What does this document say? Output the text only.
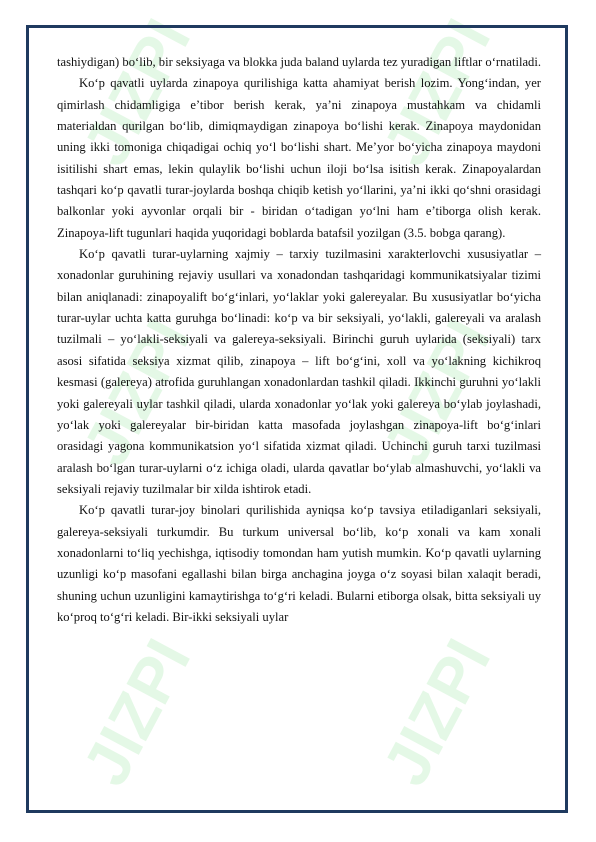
JIZPI	JIZPI
JIZPI	JIZPI
JIZPI	JIZPI

tashiydigan) bo‘lib, bir seksiyaga va blokka juda baland uylarda tez yuradigan liftlar o‘rnatiladi.

Ko‘p qavatli uylarda zinapoya qurilishiga katta ahamiyat berish lozim. Yong‘indan, yer qimirlash chidamligiga e’tibor berish kerak, ya’ni zinapoya mustahkam va chidamli materialdan qurilgan bo‘lib, dimiqmaydigan zinapoya bo‘lishi kerak. Zinapoya maydonidan uning ikki tomoniga chiqadigai ochiq yo‘l bo‘lishi shart. Me’yor bo‘yicha zinapoya maydoni isitilishi shart emas, lekin qulaylik bo‘lishi uchun iloji bo‘lsa isitish kerak. Zinapoyalardan tashqari ko‘p qavatli turar-joylarda boshqa chiqib ketish yo‘llarini, ya’ni ikki qo‘shni orasidagi balkonlar yoki ayvonlar orqali bir - biridan o‘tadigan yo‘lni ham e’tiborga olish kerak. Zinapoya-lift tugunlari haqida yuqoridagi boblarda batafsil yozilgan (3.5. bobga qarang).

Ko‘p qavatli turar-uylarning xajmiy – tarxiy tuzilmasini xarakterlovchi xususiyatlar – xonadonlar guruhining rejaviy usullari va xonadondan tashqaridagi kommunikatsiyalar tizimi bilan aniqlanadi: zinapoyalift bo‘g‘inlari, yo‘laklar yoki galereyalar. Bu xususiyatlar bo‘yicha turar-uylar uchta katta guruhga bo‘linadi: ko‘p va bir seksiyali, yo‘lakli, galereyali va aralash tuzilmali – yo‘lakli-seksiyali va galereya-seksiyali. Birinchi guruh uylarida (seksiyali) tarx asosi sifatida seksiya xizmat qilib, zinapoya – lift bo‘g‘ini, xoll va yo‘lakning kichikroq kesmasi (galereya) atrofida guruhlangan xonadonlardan tashkil qiladi. Ikkinchi guruhni yo‘lakli yoki galereyali uylar tashkil qiladi, ularda xonadonlar yo‘lak yoki galereya bo‘ylab joylashadi, yo‘lak yoki galereyalar bir-biridan katta masofada joylashgan zinapoya-lift bo‘g‘inlari orasidagi yagona kommunikatsion yo‘l sifatida xizmat qiladi. Uchinchi guruh tarxi tuzilmasi aralash bo‘lgan turar-uylarni o‘z ichiga oladi, ularda qavatlar bo‘ylab almashuvchi, yo‘lakli va seksiyali rejaviy tuzilmalar bir xilda ishtirok etadi.

Ko‘p qavatli turar-joy binolari qurilishida ayniqsa ko‘p tavsiya etiladiganlari seksiyali, galereya-seksiyali turkumdir. Bu turkum universal bo‘lib, ko‘p xonali va kam xonali xonadonlarni to‘liq yechishga, iqtisodiy tomondan ham yutish mumkin. Ko‘p qavatli uylarning uzunligi ko‘p masofani egallashi bilan birga anchagina joyga o‘z soyasi bilan xalaqit beradi, shuning uchun uzunligini kamaytirishga to‘g‘ri keladi. Bularni etiborga olsak, bitta seksiyali uy ko‘proq to‘g‘ri keladi. Bir-ikki seksiyali uylar
